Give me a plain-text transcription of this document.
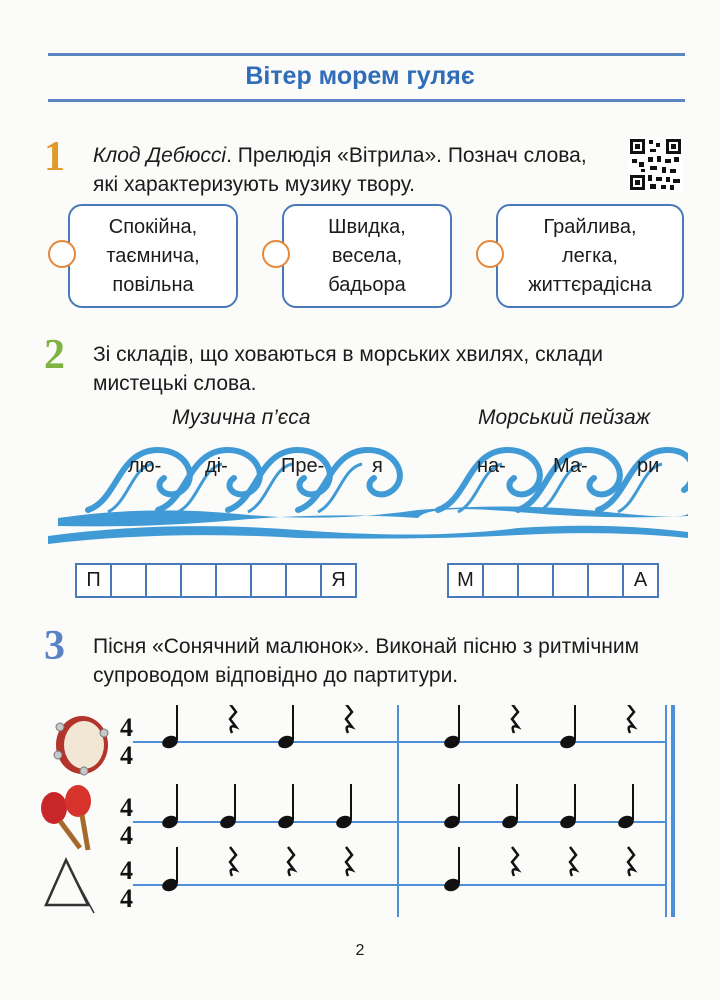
Вітер морем гуляє
1 Клод Дебюссі. Прелюдія «Вітрила». Познач слова, які характеризують музику твору.
Спокійна,
таємнича,
повільна
Швидка,
весела,
бадьора
Грайлива,
легка,
життєрадісна
2 Зі складів, що ховаються в морських хвилях, склади мистецькі слова.
Музична п’єса	Морський пейзаж
лю- ді-	Пре- я	на- Ма- ри
П	Я	М	А
3 Пісня «Сонячний малюнок». Виконай пісню з ритмічним супроводом відповідно до партитури.
4
4
4
4
4
4
2
